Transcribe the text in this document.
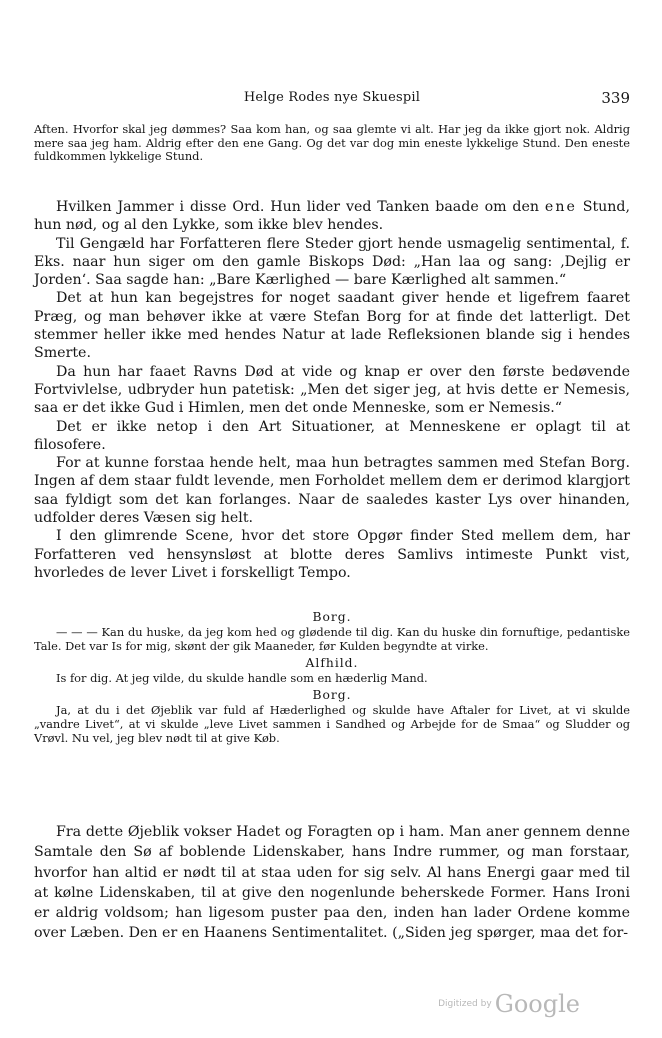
Helge Rodes nye Skuespil	339

Aften. Hvorfor skal jeg dømmes? Saa kom han, og saa glemte vi alt. Har jeg da ikke gjort nok. Aldrig mere saa jeg ham. Aldrig efter den ene Gang. Og det var dog min eneste lykkelige Stund. Den eneste fuldkommen lykkelige Stund.

Hvilken Jammer i disse Ord. Hun lider ved Tanken baade om den ene Stund, hun nød, og al den Lykke, som ikke blev hendes.

Til Gengæld har Forfatteren flere Steder gjort hende usmagelig sentimental, f. Eks. naar hun siger om den gamle Biskops Død: „Han laa og sang: ‚Dejlig er Jorden‘. Saa sagde han: „Bare Kærlighed — bare Kærlighed alt sammen.“

Det at hun kan begejstres for noget saadant giver hende et ligefrem faaret Præg, og man behøver ikke at være Stefan Borg for at finde det latterligt. Det stemmer heller ikke med hendes Natur at lade Refleksionen blande sig i hendes Smerte.

Da hun har faaet Ravns Død at vide og knap er over den første bedøvende Fortvivlelse, udbryder hun patetisk: „Men det siger jeg, at hvis dette er Nemesis, saa er det ikke Gud i Himlen, men det onde Menneske, som er Nemesis.“

Det er ikke netop i den Art Situationer, at Menneskene er oplagt til at filosofere.

For at kunne forstaa hende helt, maa hun betragtes sammen med Stefan Borg. Ingen af dem staar fuldt levende, men Forholdet mellem dem er derimod klargjort saa fyldigt som det kan forlanges. Naar de saaledes kaster Lys over hinanden, udfolder deres Væsen sig helt.

I den glimrende Scene, hvor det store Opgør finder Sted mellem dem, har Forfatteren ved hensynsløst at blotte deres Samlivs intimeste Punkt vist, hvorledes de lever Livet i forskelligt Tempo.

Borg.

— — — Kan du huske, da jeg kom hed og glødende til dig. Kan du huske din fornuftige, pedantiske Tale. Det var Is for mig, skønt der gik Maaneder, før Kulden begyndte at virke.

Alfhild.

Is for dig. At jeg vilde, du skulde handle som en hæderlig Mand.

Borg.

Ja, at du i det Øjeblik var fuld af Hæderlighed og skulde have Aftaler for Livet, at vi skulde „vandre Livet“, at vi skulde „leve Livet sammen i Sandhed og Arbejde for de Smaa“ og Sludder og Vrøvl. Nu vel, jeg blev nødt til at give Køb.

Fra dette Øjeblik vokser Hadet og Foragten op i ham. Man aner gennem denne Samtale den Sø af boblende Lidenskaber, hans Indre rummer, og man forstaar, hvorfor han altid er nødt til at staa uden for sig selv. Al hans Energi gaar med til at kølne Lidenskaben, til at give den nogenlunde beherskede Former. Hans Ironi er aldrig voldsom; han ligesom puster paa den, inden han lader Ordene komme over Læben. Den er en Haanens Sentimentalitet. („Siden jeg spørger, maa det for-

Digitized by Google
